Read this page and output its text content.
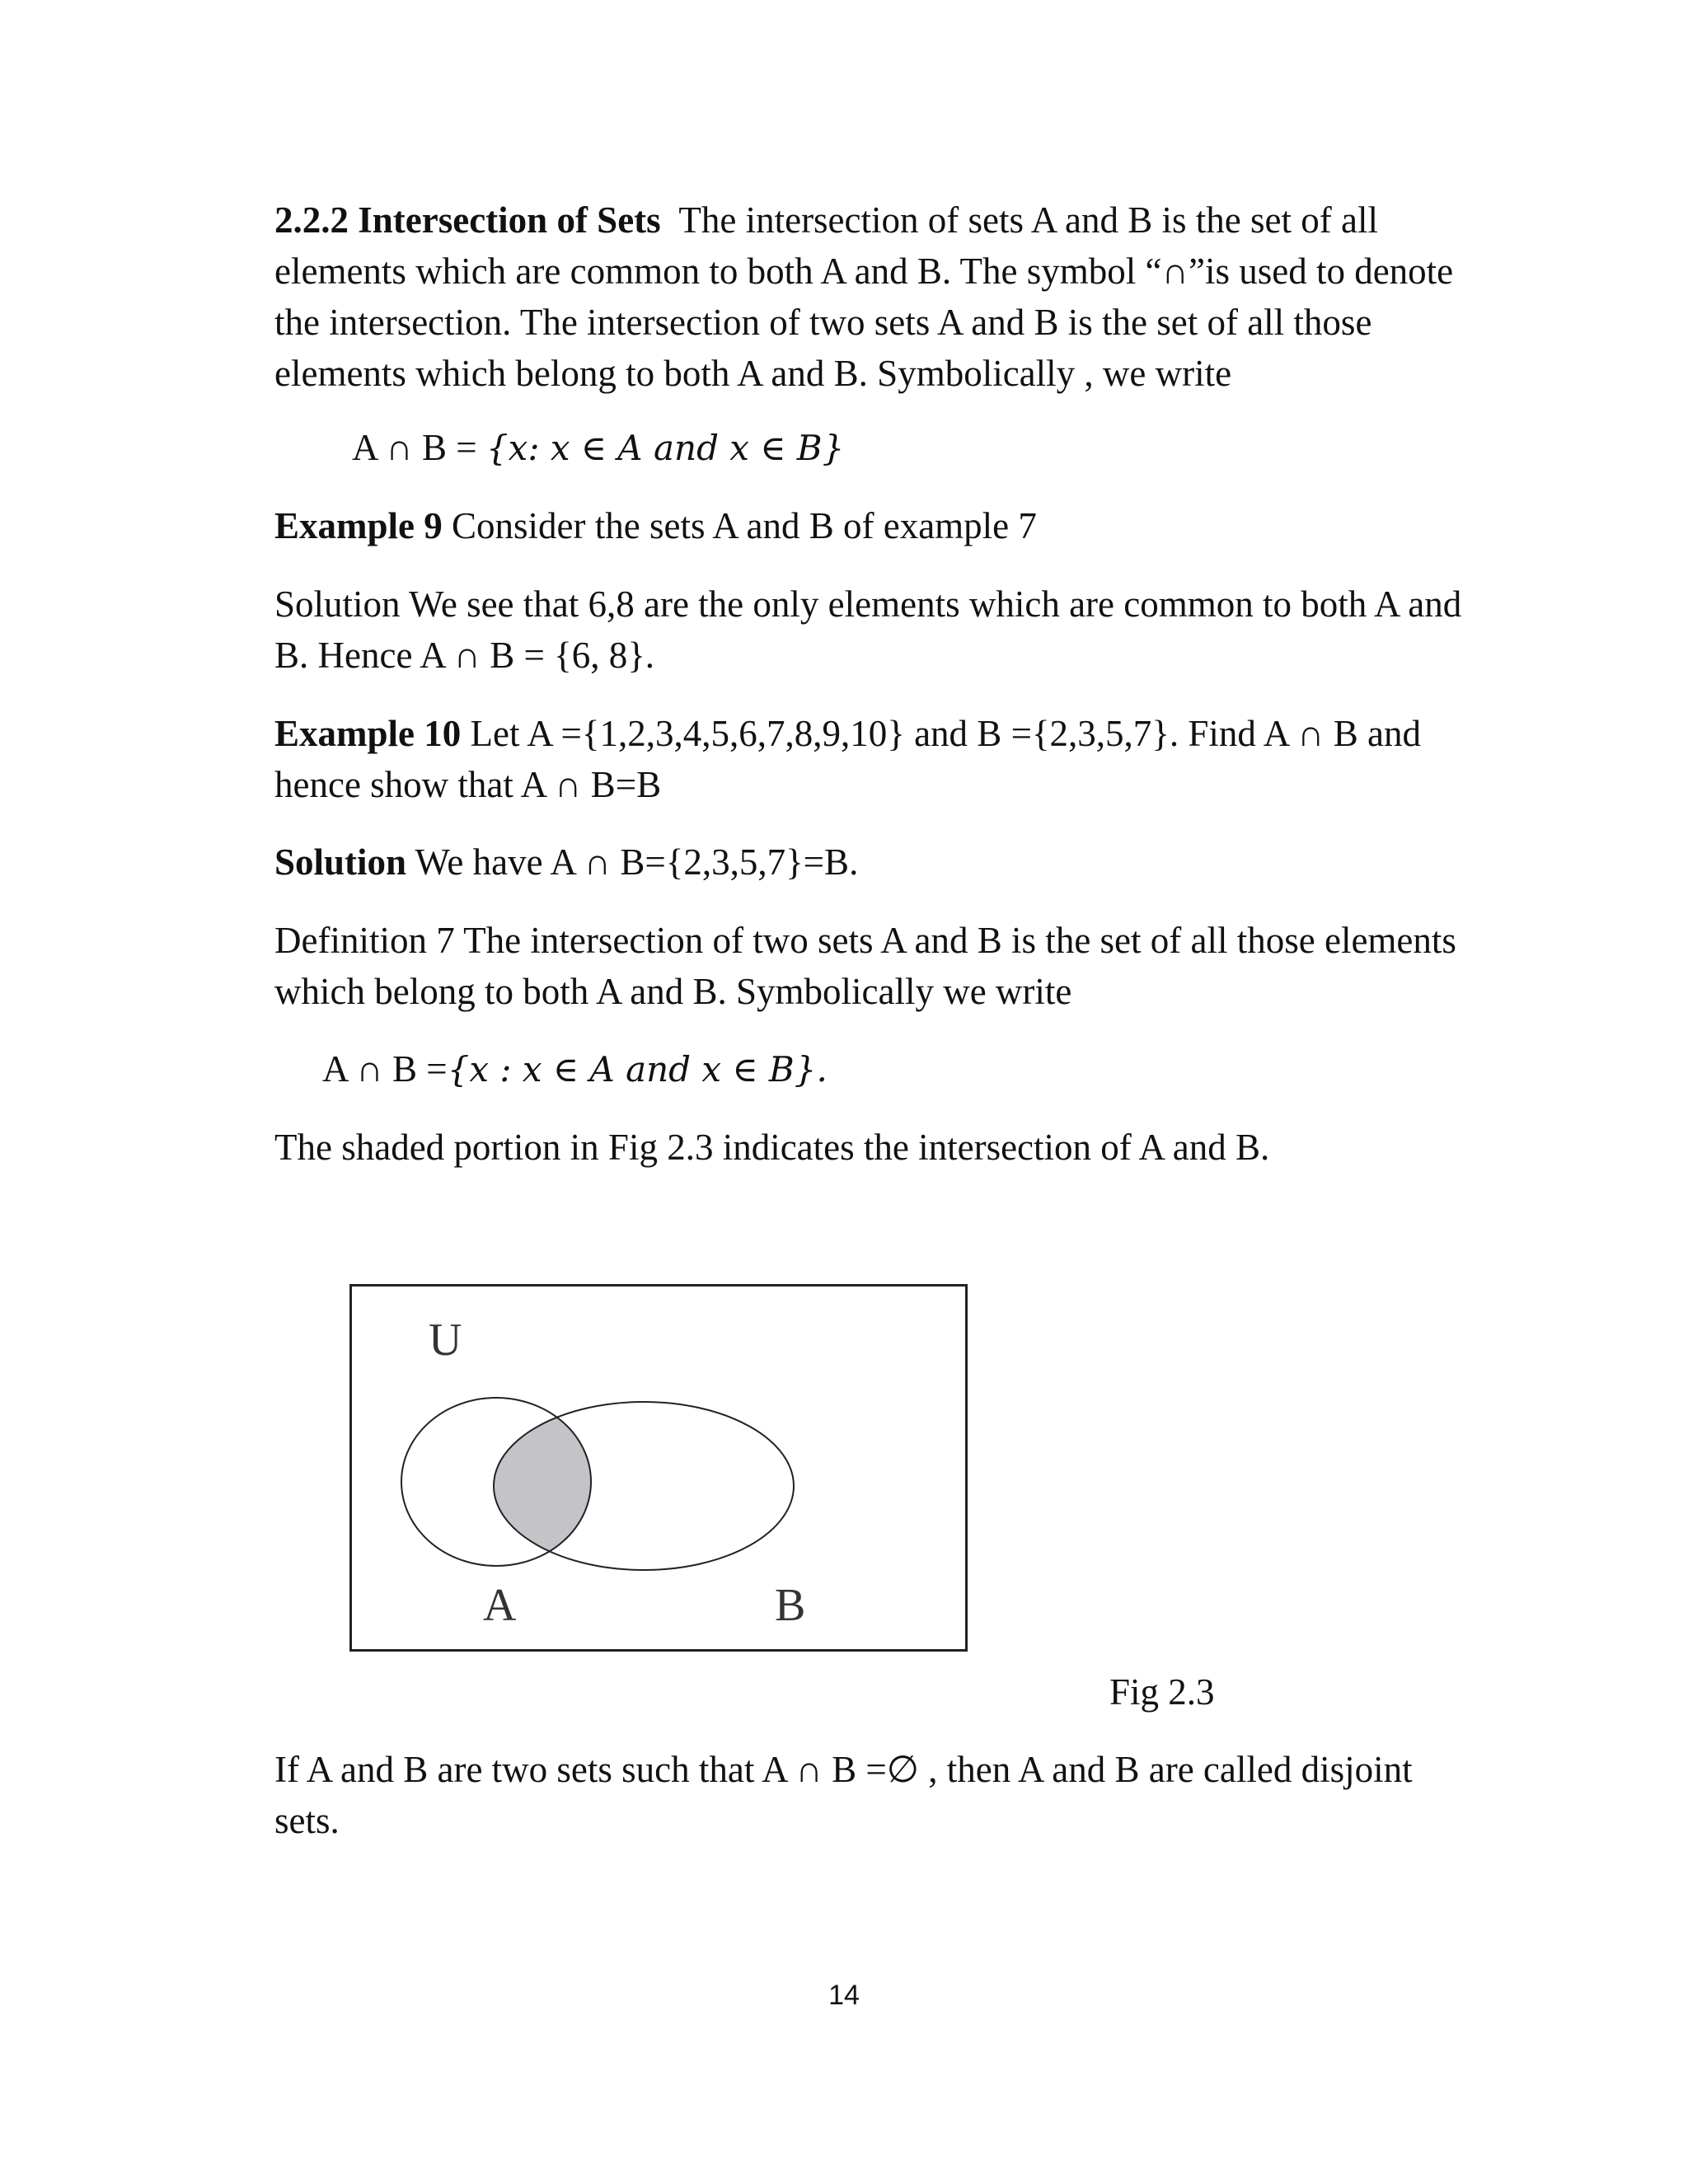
2.2.2 Intersection of Sets The intersection of sets A and B is the set of all elements which are common to both A and B. The symbol “∩”is used to denote the intersection. The intersection of two sets A and B is the set of all those elements which belong to both A and B. Symbolically , we write

A ∩ B = {x: x ∈ A and x ∈ B}

Example 9 Consider the sets A and B of example 7

Solution We see that 6,8 are the only elements which are common to both A and B. Hence A ∩ B = {6, 8}.

Example 10 Let A ={1,2,3,4,5,6,7,8,9,10} and B ={2,3,5,7}. Find A ∩ B and hence show that A ∩ B=B

Solution We have A ∩ B={2,3,5,7}=B.

Definition 7 The intersection of two sets A and B is the set of all those elements which belong to both A and B. Symbolically we write

A ∩ B ={x : x ∈ A and x ∈ B}.

The shaded portion in Fig 2.3 indicates the intersection of A and B.

U
A	B

Fig 2.3

If A and B are two sets such that A ∩ B =∅ , then A and B are called disjoint sets.

14
